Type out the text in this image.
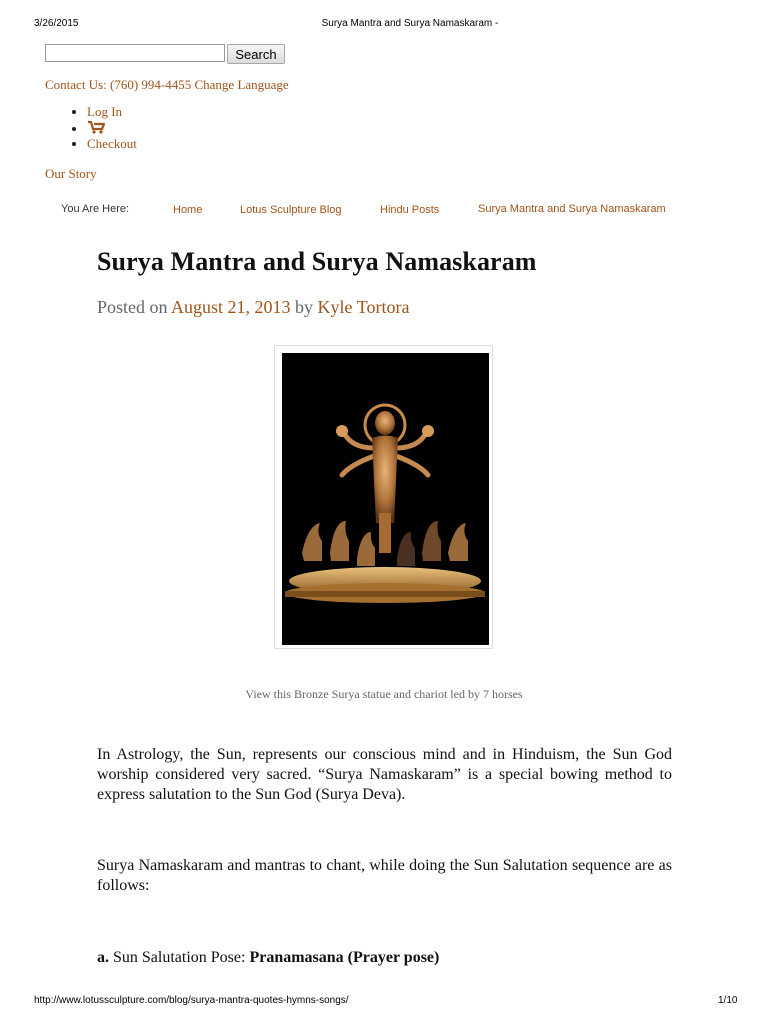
3/26/2015	Surya Mantra and Surya Namaskaram -
Search
Contact Us: (760) 994-4455 Change Language
• Log In
•
• Checkout
Our Story
You Are Here:	Home	Lotus Sculpture Blog	Hindu Posts	Surya Mantra and Surya Namaskaram
Surya Mantra and Surya Namaskaram
Posted on August 21, 2013 by Kyle Tortora
View this Bronze Surya statue and chariot led by 7 horses

In Astrology, the Sun, represents our conscious mind and in Hinduism, the Sun God worship considered very sacred. “Surya Namaskaram” is a special bowing method to express salutation to the Sun God (Surya Deva).

Surya Namaskaram and mantras to chant, while doing the Sun Salutation sequence are as follows:

a. Sun Salutation Pose: Pranamasana (Prayer pose)
http://www.lotussculpture.com/blog/surya-mantra-quotes-hymns-songs/	1/10
